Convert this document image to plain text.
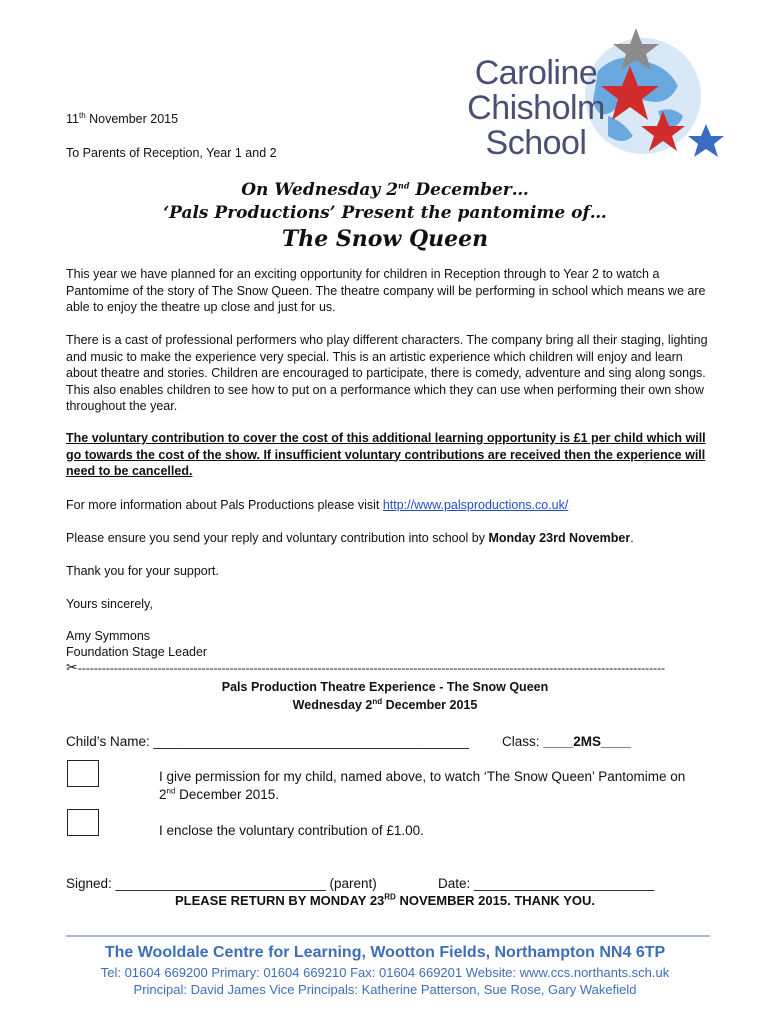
Caroline
Chisholm
School
11th November 2015
To Parents of Reception, Year 1 and 2
On Wednesday 2nd December…
‘Pals Productions’ Present the pantomime of…
The Snow Queen
This year we have planned for an exciting opportunity for children in Reception through to Year 2 to watch a Pantomime of the story of The Snow Queen. The theatre company will be performing in school which means we are able to enjoy the theatre up close and just for us.
There is a cast of professional performers who play different characters. The company bring all their staging, lighting and music to make the experience very special. This is an artistic experience which children will enjoy and learn about theatre and stories. Children are encouraged to participate, there is comedy, adventure and sing along songs. This also enables children to see how to put on a performance which they can use when performing their own show throughout the year.
The voluntary contribution to cover the cost of this additional learning opportunity is £1 per child which will go towards the cost of the show. If insufficient voluntary contributions are received then the experience will need to be cancelled.
For more information about Pals Productions please visit http://www.palsproductions.co.uk/
Please ensure you send your reply and voluntary contribution into school by Monday 23rd November.
Thank you for your support.
Yours sincerely,
Amy Symmons
Foundation Stage Leader
✂---------------------------------------------------------------------------------------------------------------------------------------------------
Pals Production Theatre Experience - The Snow Queen
Wednesday 2nd December 2015
Child’s Name: __________________________________________ Class: ____2MS____
I give permission for my child, named above, to watch ‘The Snow Queen’ Pantomime on
2nd December 2015.
I enclose the voluntary contribution of £1.00.
Signed: ____________________________ (parent)	Date: ________________________
PLEASE RETURN BY MONDAY 23RD NOVEMBER 2015. THANK YOU.
The Wooldale Centre for Learning, Wootton Fields, Northampton NN4 6TP
Tel: 01604 669200 Primary: 01604 669210 Fax: 01604 669201 Website: www.ccs.northants.sch.uk
Principal: David James Vice Principals: Katherine Patterson, Sue Rose, Gary Wakefield
